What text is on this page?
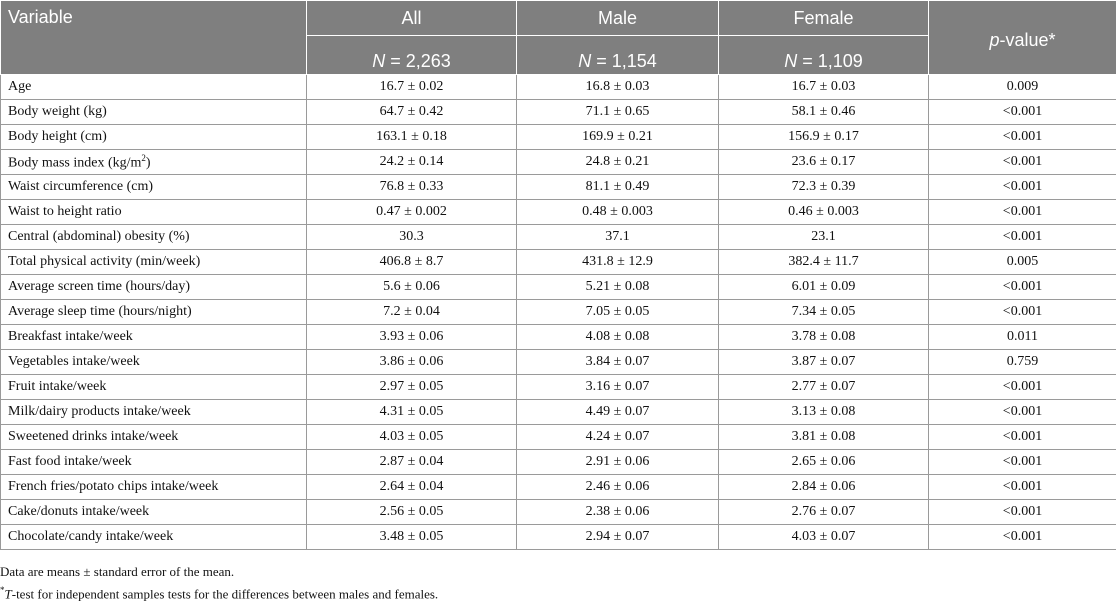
Variable	All	Male	Female	p-value*
	N = 2,263	N = 1,154	N = 1,109	
Age	16.7 ± 0.02	16.8 ± 0.03	16.7 ± 0.03	0.009
Body weight (kg)	64.7 ± 0.42	71.1 ± 0.65	58.1 ± 0.46	<0.001
Body height (cm)	163.1 ± 0.18	169.9 ± 0.21	156.9 ± 0.17	<0.001
Body mass index $(kg/m^2)$	24.2 ± 0.14	24.8 ± 0.21	23.6 ± 0.17	<0.001
Waist circumference (cm)	76.8 ± 0.33	81.1 ± 0.49	72.3 ± 0.39	<0.001
Waist to height ratio	0.47 ± 0.002	0.48 ± 0.003	0.46 ± 0.003	<0.001
Central (abdominal) obesity (%)	30.3	37.1	23.1	<0.001
Total physical activity (min/week)	406.8 ± 8.7	431.8 ± 12.9	382.4 ± 11.7	0.005
Average screen time (hours/day)	5.6 ± 0.06	5.21 ± 0.08	6.01 ± 0.09	<0.001
Average sleep time (hours/night)	7.2 ± 0.04	7.05 ± 0.05	7.34 ± 0.05	<0.001
Breakfast intake/week	3.93 ± 0.06	4.08 ± 0.08	3.78 ± 0.08	0.011
Vegetables intake/week	3.86 ± 0.06	3.84 ± 0.07	3.87 ± 0.07	0.759
Fruit intake/week	2.97 ± 0.05	3.16 ± 0.07	2.77 ± 0.07	<0.001
Milk/dairy products intake/week	4.31 ± 0.05	4.49 ± 0.07	3.13 ± 0.08	<0.001
Sweetened drinks intake/week	4.03 ± 0.05	4.24 ± 0.07	3.81 ± 0.08	<0.001
Fast food intake/week	2.87 ± 0.04	2.91 ± 0.06	2.65 ± 0.06	<0.001
French fries/potato chips intake/week	2.64 ± 0.04	2.46 ± 0.06	2.84 ± 0.06	<0.001
Cake/donuts intake/week	2.56 ± 0.05	2.38 ± 0.06	2.76 ± 0.07	<0.001
Chocolate/candy intake/week	3.48 ± 0.05	2.94 ± 0.07	4.03 ± 0.07	<0.001

Data are means ± standard error of the mean.

*T-test for independent samples tests for the differences between males and females.
